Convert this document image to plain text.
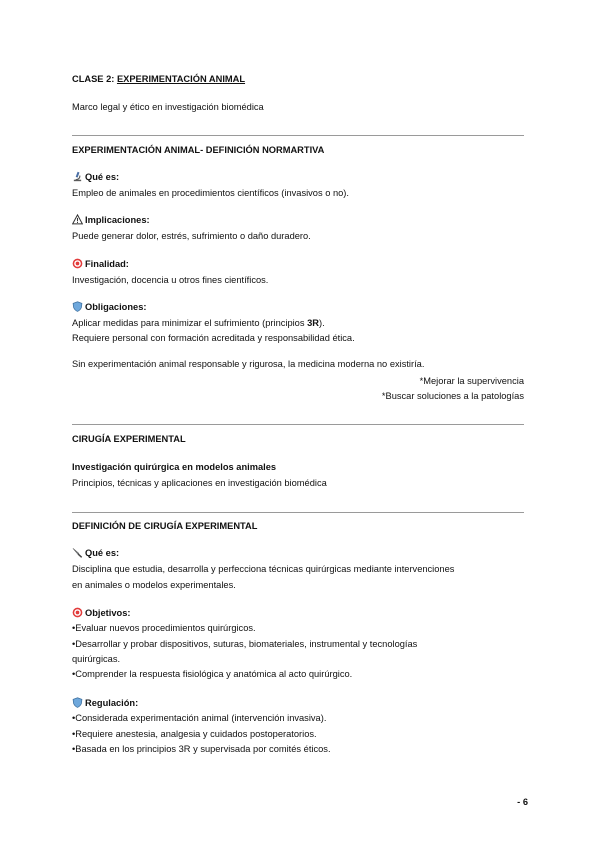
CLASE 2: EXPERIMENTACIÓN ANIMAL
Marco legal y ético en investigación biomédica
EXPERIMENTACIÓN ANIMAL- DEFINICIÓN NORMARTIVA
Qué es:
Empleo de animales en procedimientos científicos (invasivos o no).
Implicaciones:
Puede generar dolor, estrés, sufrimiento o daño duradero.
Finalidad:
Investigación, docencia u otros fines científicos.
Obligaciones:
Aplicar medidas para minimizar el sufrimiento (principios 3R).
Requiere personal con formación acreditada y responsabilidad ética.
Sin experimentación animal responsable y rigurosa, la medicina moderna no existiría.
*Mejorar la supervivencia
*Buscar soluciones a la patologías
CIRUGÍA EXPERIMENTAL
Investigación quirúrgica en modelos animales
Principios, técnicas y aplicaciones en investigación biomédica
DEFINICIÓN DE CIRUGÍA EXPERIMENTAL
Qué es:
Disciplina que estudia, desarrolla y perfecciona técnicas quirúrgicas mediante intervenciones
en animales o modelos experimentales.
Objetivos:
•Evaluar nuevos procedimientos quirúrgicos.
•Desarrollar y probar dispositivos, suturas, biomateriales, instrumental y tecnologías
quirúrgicas.
•Comprender la respuesta fisiológica y anatómica al acto quirúrgico.
Regulación:
•Considerada experimentación animal (intervención invasiva).
•Requiere anestesia, analgesia y cuidados postoperatorios.
•Basada en los principios 3R y supervisada por comités éticos.
- 6
